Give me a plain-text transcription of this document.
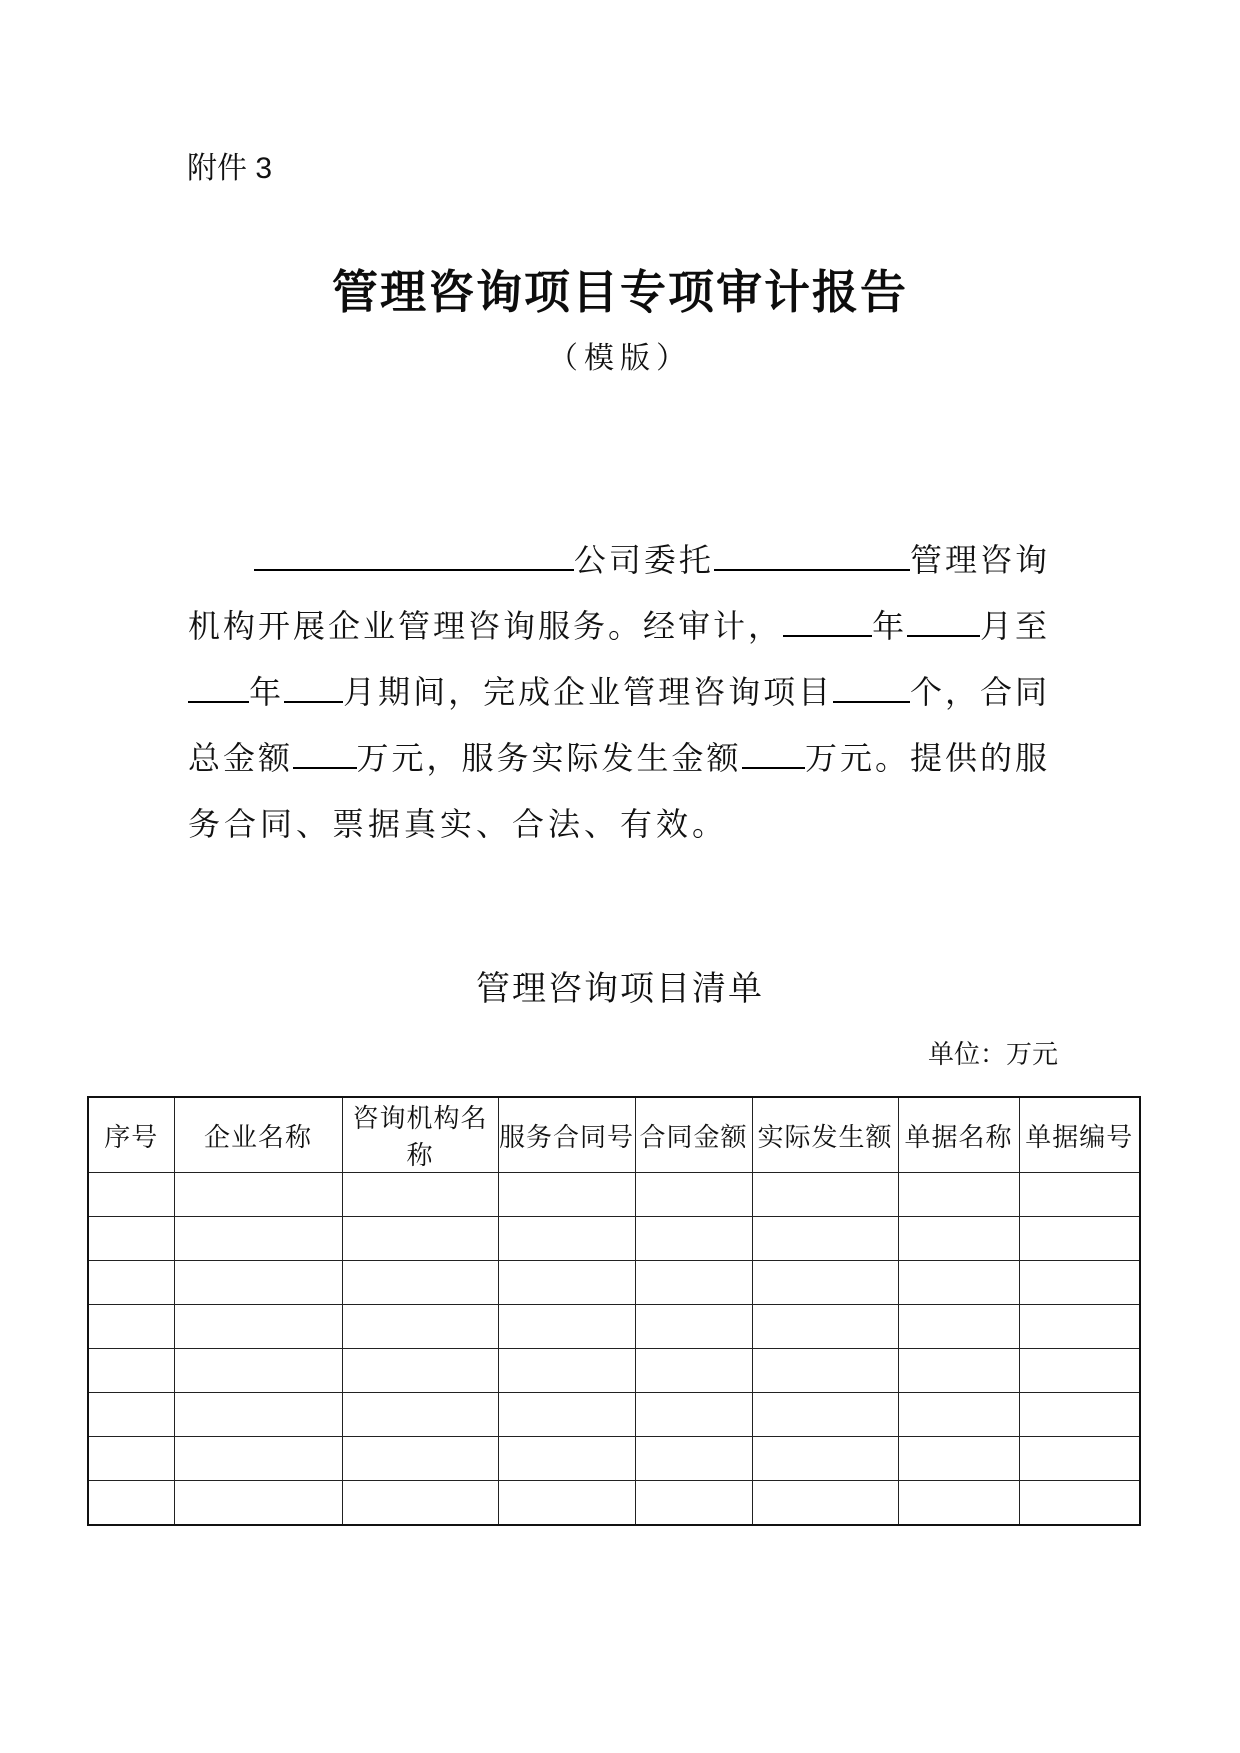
附件 3
管理咨询项目专项审计报告
（模版）
公司委托	管理咨询
机构开展企业管理咨询服务。经审计，	年 月至
年 月期间，完成企业管理咨询项目 个，合同
总金额 万元，服务实际发生金额 万元。提供的服
务合同、票据真实、合法、有效。
管理咨询项目清单
单位：万元
序号	企业名称	咨询机构名称	服务合同号	合同金额	实际发生额	单据名称	单据编号
